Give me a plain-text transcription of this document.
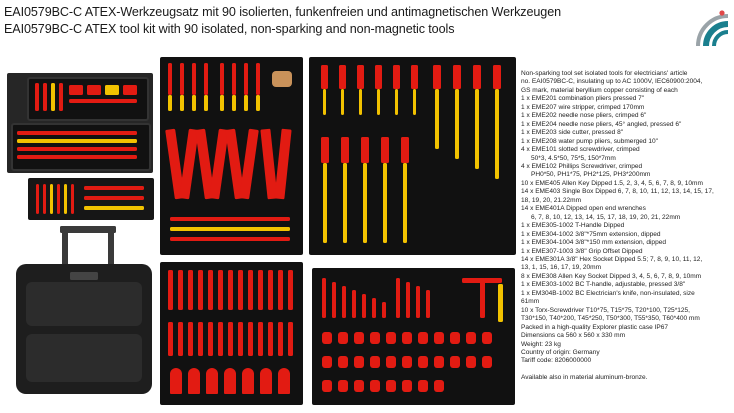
EAI0579BC-C ATEX-Werkzeugsatz mit 90 isolierten, funkenfreien und antimagnetischen Werkzeugen
EAI0579BC-C ATEX tool kit with 90 isolated, non-sparking and non-magnetic tools
Non-sparking tool set isolated tools for electricians' article
no. EAI0579BC-C, insulating up to AC 1000V, IEC60900:2004,
GS mark, material beryllium copper consisting of each
1 x EME201 combination pliers pressed 7"
1 x EME207 wire stripper, crimped 170mm
1 x EME202 needle nose pliers, crimped 6"
1 x EME204 needle nose pliers, 45° angled, pressed 6"
1 x EME203 side cutter, pressed 8"
1 x EME208 water pump pliers, submerged 10"
4 x EME101 slotted screwdriver, crimped
50*3, 4.5*50, 75*5, 150*7mm
4 x EME102 Phillips Screwdriver, crimped
PH0*50, PH1*75, PH2*125, PH3*200mm
10 x EME405 Allen Key Dipped 1.5, 2, 3, 4, 5, 6, 7, 8, 9, 10mm
14 x EME403 Single Box Dipped 6, 7, 8, 10, 11, 12, 13, 14, 15, 17,
18, 19, 20, 21.22mm
14 x EME401A Dipped open end wrenches
6, 7, 8, 10, 12, 13, 14, 15, 17, 18, 19, 20, 21, 22mm
1 x EME305-1002 T-Handle Dipped
1 x EME304-1002 3/8"*75mm extension, dipped
1 x EME304-1004 3/8"*150 mm extension, dipped
1 x EME307-1003 3/8" Grip Offset Dipped
14 x EME301A 3/8" Hex Socket Dipped 5.5; 7, 8, 9, 10, 11, 12,
13, 1, 15, 16, 17, 19, 20mm
8 x EME308 Allen Key Socket Dipped 3, 4, 5, 6, 7, 8, 9, 10mm
1 x EME303-1002 BC T-handle, adjustable, pressed 3/8"
1 x EM304B-1002 BC Electrician's knife, non-insulated, size
61mm
10 x Torx-Screwdriver T10*75, T15*75, T20*100, T25*125,
T30*150, T40*200, T45*250, T50*300, T55*350, T60*400 mm
Packed in a high-quality Explorer plastic case IP67
Dimensions ca 560 x 560 x 330 mm
Weight: 23 kg
Country of origin: Germany
Tariff code: 8206000000
Available also in material aluminum-bronze.
